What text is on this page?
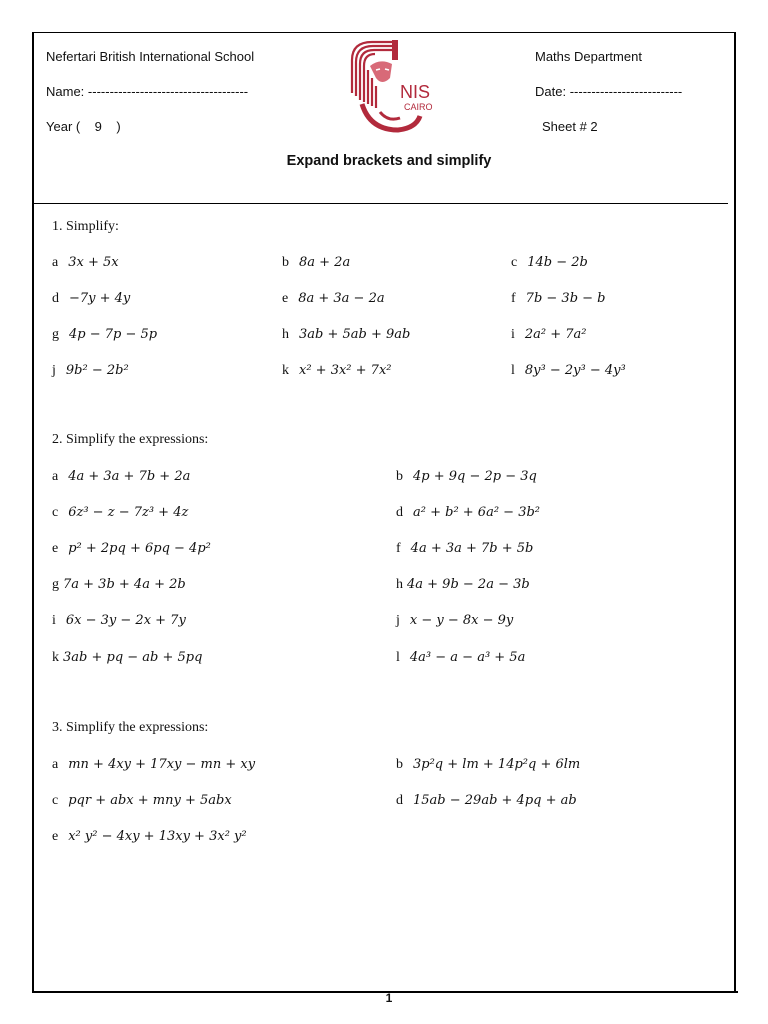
Nefertari British International School	Maths Department
Name: -------------------------------------	Date: --------------------------
Year (    9    )	Sheet # 2
NIS
CAIRO
Expand brackets and simplify
1. Simplify:
a 3x + 5x	b 8a + 2a	c 14b − 2b
d −7y + 4y	e 8a + 3a − 2a	f 7b − 3b − b
g 4p − 7p − 5p	h 3ab + 5ab + 9ab	i 2a² + 7a²
j 9b² − 2b²	k x² + 3x² + 7x²	l 8y³ − 2y³ − 4y³
2. Simplify the expressions:
a 4a + 3a + 7b + 2a	b 4p + 9q − 2p − 3q
c 6z³ − z − 7z³ + 4z	d a² + b² + 6a² − 3b²
e p² + 2pq + 6pq − 4p²	f 4a + 3a + 7b + 5b
g 7a + 3b + 4a + 2b	h 4a + 9b − 2a − 3b
i 6x − 3y − 2x + 7y	j x − y − 8x − 9y
k 3ab + pq − ab + 5pq	l 4a³ − a − a³ + 5a
3. Simplify the expressions:
a mn + 4xy + 17xy − mn + xy	b 3p²q + lm + 14p²q + 6lm
c pqr + abx + mny + 5abx	d 15ab − 29ab + 4pq + ab
e x² y² − 4xy + 13xy + 3x² y²
1
